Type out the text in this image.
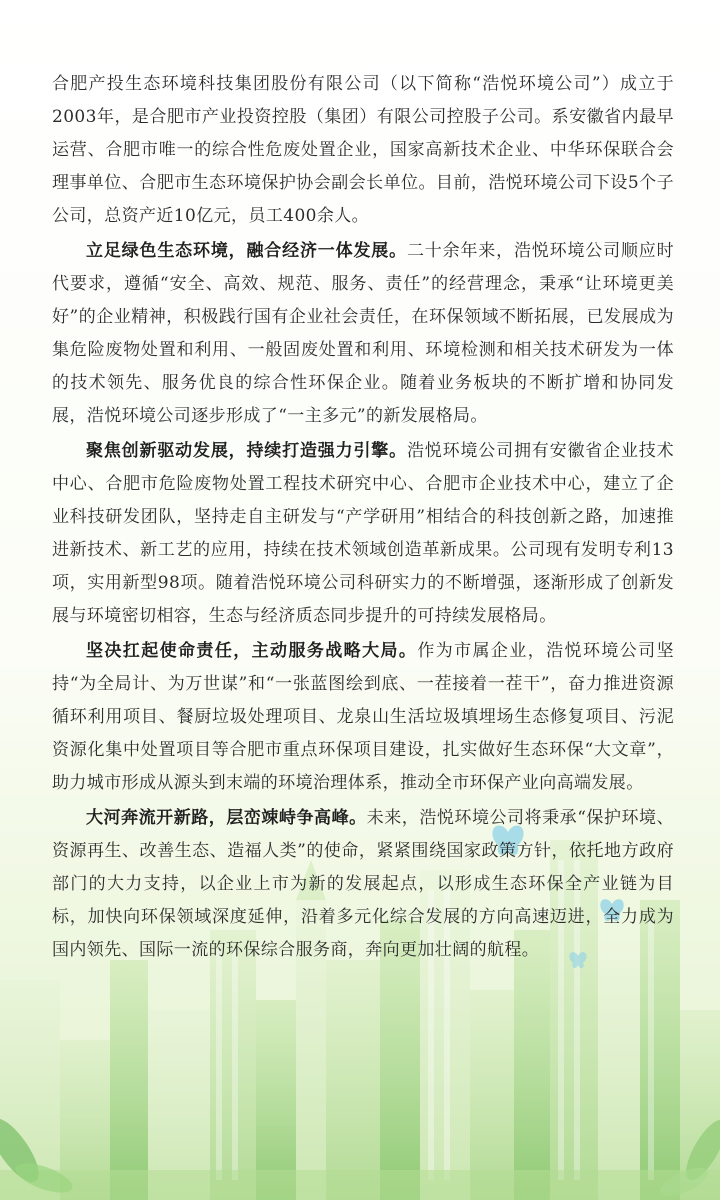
合肥产投生态环境科技集团股份有限公司（以下简称“浩悦环境公司”）成立于2003年，是合肥市产业投资控股（集团）有限公司控股子公司。系安徽省内最早运营、合肥市唯一的综合性危废处置企业，国家高新技术企业、中华环保联合会理事单位、合肥市生态环境保护协会副会长单位。目前，浩悦环境公司下设5个子公司，总资产近10亿元，员工400余人。

立足绿色生态环境，融合经济一体发展。二十余年来，浩悦环境公司顺应时代要求，遵循“安全、高效、规范、服务、责任”的经营理念，秉承“让环境更美好”的企业精神，积极践行国有企业社会责任，在环保领域不断拓展，已发展成为集危险废物处置和利用、一般固废处置和利用、环境检测和相关技术研发为一体的技术领先、服务优良的综合性环保企业。随着业务板块的不断扩增和协同发展，浩悦环境公司逐步形成了“一主多元”的新发展格局。

聚焦创新驱动发展，持续打造强力引擎。浩悦环境公司拥有安徽省企业技术中心、合肥市危险废物处置工程技术研究中心、合肥市企业技术中心，建立了企业科技研发团队，坚持走自主研发与“产学研用”相结合的科技创新之路，加速推进新技术、新工艺的应用，持续在技术领域创造革新成果。公司现有发明专利13项，实用新型98项。随着浩悦环境公司科研实力的不断增强，逐渐形成了创新发展与环境密切相容，生态与经济质态同步提升的可持续发展格局。

坚决扛起使命责任，主动服务战略大局。作为市属企业，浩悦环境公司坚持“为全局计、为万世谋”和“一张蓝图绘到底、一茬接着一茬干”，奋力推进资源循环利用项目、餐厨垃圾处理项目、龙泉山生活垃圾填埋场生态修复项目、污泥资源化集中处置项目等合肥市重点环保项目建设，扎实做好生态环保“大文章”，助力城市形成从源头到末端的环境治理体系，推动全市环保产业向高端发展。

大河奔流开新路，层峦竦峙争高峰。未来，浩悦环境公司将秉承“保护环境、资源再生、改善生态、造福人类”的使命，紧紧围绕国家政策方针，依托地方政府部门的大力支持，以企业上市为新的发展起点，以形成生态环保全产业链为目标，加快向环保领域深度延伸，沿着多元化综合发展的方向高速迈进，全力成为国内领先、国际一流的环保综合服务商，奔向更加壮阔的航程。
